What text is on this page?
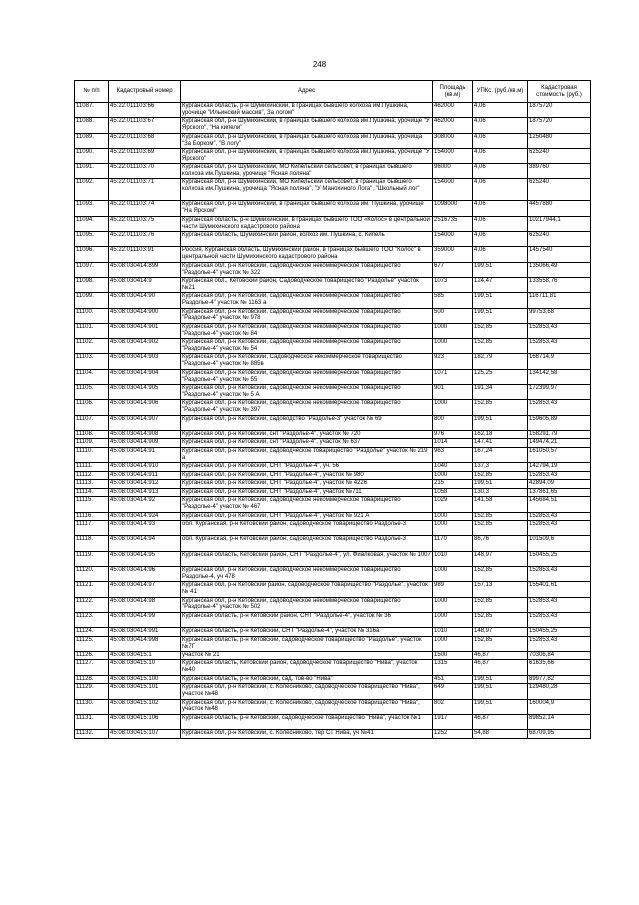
248
№ п/п	Кадастровый номер	Адрес	Площадь (кв.м)	УПКс. (руб./кв.м)	Кадастровая стоимость (руб.)
11087.	45:22:011103:66	Курганская область, р-н Шумихинский, в границах бывшего колхоза им.Пушкина, урочище "Ильинский массив", За логом"	462000	4,06	1875720
11088.	45:22:011103:67	Курганская обл, р-н Шумихинский, в границах бывшего колхоза им.Пушкина, урочище "У Ярского", "На кипели"	462000	4,06	1875720
11089.	45:22:011103:68	Курганская обл, р-н Шумихинский, в границах бывшего колхоза им.Пушкина, урочища "За Борком", "В логу"	308000	4,06	1250480
11090.	45:22:011103:69	Курганская обл, р-н Шумихинский, в границах бывшего колхоза им.Пушкина, урочище "У Ярского"	154000	4,06	625240
11091.	45:22:011103:70	Курганская обл, р-н Шумихинский, МО Кипельский сельсовет, в границах бывшего колхоза им.Пушкина, урочище "Ясная поляна"	96000	4,06	389760
11092.	45:22:011103:71	Курганская обл, р-н Шумихинский, МО Кипельский сельсовет, в границах бывшего колхоза им.Пушкина, урочища "Ясная поляна", "У Манохиного Лога", "Школьный лог"	154000	4,06	625240
11093.	45:22:011103:74	Курганская обл, р-н Шумихинский, в границах бывшего колхоза им. Пушкина, урочище "На Ярском"	1098000	4,06	4457880
11094.	45:22:011103:75	Курганская область, р-н Шумихинский, в границах бывшего ТОО «Колос» в центральной части Шумихинского кадастрового района	2516735	4,06	10217944,1
11095.	45:22:011103:76	Курганская область, Шумихинский район, колхоз им. Пушкина, с. Кипель	154000	4,06	625240
11096.	45:22:011103:91	Россия, Курганская область, Шумихинский район, в границах бывшего ТОО "Колос" в центральной части Шумихинского кадастрового района	359000	4,06	1457540
11097.	45:08:030414:899	Курганская обл, р-н Кетовский, садоводческое некоммерческое товарищество "Раздолье-4" участок № 322	677	199,51	135066,49
11098.	45:08:030414:9	Курганская обл., Кетовский район, Садоводческое товарищество "Раздолье" участок №21	1073	124,47	133558,76
11099.	45:08:030414:90	Курганская обл, р-н Кетовский, садоводческое некоммерческое товарищество " Раздолье-4" участок № 1163 а	585	199,51	116711,81
11100.	45:08:030414:900	Курганская обл, р-н Кетовский, садоводческое некоммерческое товарищество "Раздолье-4" участок № 978	500	199,51	99753,68
11101.	45:08:030414:901	Курганская обл, р-н Кетовский, садоводческое некоммерческое товарищество "Раздолье-4" участок № 84	1000	152,85	152853,43
11102.	45:08:030414:902	Курганская обл, р-н Кетовский, садоводческое некоммерческое товарищество "Раздолье-4" участок № 54	1000	152,85	152853,43
11103.	45:08:030414:903	Курганская обл, р-н Кетовский, Садоводческое некоммерческое товарищество "Раздолье-4" участок № 885в	923	182,79	168714,9
11104.	45:08:030414:904	Курганская обл, р-н Кетовский, садоводческое некоммерческое товарищество "Раздолье-4" участок № 55	1071	125,25	134142,58
11105.	45:08:030414:905	Курганская обл, р-н Кетовский, садоводческое некоммерческое товарищество "Раздолье-4" участок № 5 А	901	191,34	172399,97
11106.	45:08:030414:906	Курганская обл, р-н Кетовский, садоводческое некоммерческое товарищество "Раздолье-4" участок № 397	1000	152,85	152853,43
11107.	45:08:030414:907	Курганская обл, р-н Кетовский, садоводство "Раздолье-3" участок № 69	800	199,51	159605,89
11108.	45:08:030414:908	Курганская обл, р-н Кетовский, снт "Раздолье-4", участок № 720	976	162,18	158291,79
11109.	45:08:030414:909	Курганская обл, р-н Кетовский, снт "Раздолье-4", участок № 637	1014	147,41	149474,21
11110.	45:08:030414:91	Курганская обл, р-н Кетовский, садоводческое товарищество "Раздолье" участок № 219 а	963	167,24	161050,57
11111.	45:08:030414:910	Курганская обл, р-н Кетовский, СНТ "Раздолье-4", уч. 56	1040	137,3	142794,19
11112.	45:08:030414:911	Курганская обл, р-н Кетовский, СНТ "Раздолье-4", участок № 980	1000	152,85	152853,43
11113.	45:08:030414:912	Курганская обл, р-н Кетовский, СНТ "Раздолье-4", участок № 4226	215	199,51	42894,09
11114.	45:08:030414:913	Курганская обл, р-н Кетовский, СНТ "Раздолье-4", участок №711	1058	130,3	137861,65
11115.	45:08:030414:92	Курганская обл, р-н Кетовский, садоводческое некоммерческое товарищество "Раздолье-4" участок № 467	1029	141,58	145684,51
11116.	45:08:030414:924	Курганская обл, р-н Кетовский, СНТ "Раздолье-4", участок № 921 А	1000	152,85	152853,43
11117.	45:08:030414:93	обл. Курганская, р-н Кетовский район, садоводческое товарищество Раздолье-3	1000	152,85	152853,43
11118.	45:08:030414:94	обл. Курганская, р-н Кетовский район, садоводческое товарищество Раздолье-3	1170	86,76	101509,6
11119.	45:08:030414:95	Курганская область, Кетовский район, СНТ "Раздолье-4", ул. Фиалковая, участок № 1007	1010	148,97	150455,25
11120.	45:08:030414:96	Курганская обл, р-н Кетовский, садоводческое некоммерческое товарищество Раздолье-4, уч 478	1000	152,85	152853,43
11121.	45:08:030414:97	Курганская обл, р-н Кетовский район, садоводческое товарищество "Раздолье", участок № 41	989	157,13	155401,61
11122.	45:08:030414:98	Курганская обл, р-н Кетовский, садоводческое некоммерческое товарищество "Раздолье-4" участок № 502	1000	152,85	152853,43
11123.	45:08:030414:99	Курганская область, р-н Кетовский район, СНТ "Раздолье-4", участок № 36	1000	152,85	152853,43
11124.	45:08:030414:991	Курганская область, р-н Кетовский, СНТ "Раздолье-4", участок № 316а	1010	148,97	150455,25
11125.	45:08:030414:998	Курганская область, р-н Кетовский, садоводческое товарищество "Раздолье", участок №7Г	1000	152,85	152853,43
11126.	45:08:030415:1	участок № 21	1500	46,87	70306,84
11127.	45:08:030415:10	Курганская область, Кетовский район, садоводческое товарищество "Нива", участок №40	1315	46,87	61635,66
11128.	45:08:030415:100	Курганская область, р-н Кетовский, сад. тов-во "Нива"	451	199,51	89977,82
11129.	45:08:030415:101	Курганская обл, р-н Кетовский, с. Колесниково, садоводческое товарищество "Нива", участок №48	649	199,51	129480,28
11130.	45:08:030415:102	Курганская обл, р-н Кетовский, с. Колесниково, садоводческое товарищество "Нива", участок №48	802	199,51	160004,9
11131.	45:08:030415:106	Курганская область, р-н Кетовский, садоводческое товарищество "Нива", участок №1	1917	46,87	89852,14
11132.	45:08:030415:107	Курганская обл, р-н Кетовский, с. Колесниково, тер СТ Нива, уч №41	1252	54,88	68709,95
